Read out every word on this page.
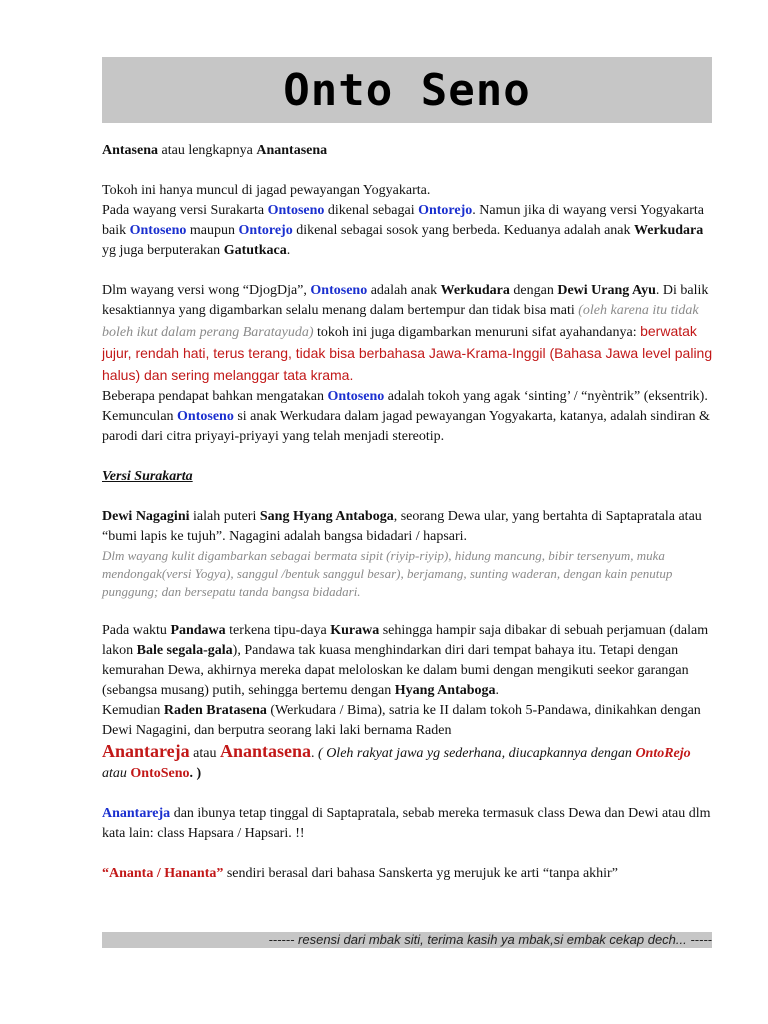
Onto Seno

Antasena atau lengkapnya Anantasena

Tokoh ini hanya muncul di jagad pewayangan Yogyakarta.
Pada wayang versi Surakarta Ontoseno dikenal sebagai Ontorejo. Namun jika di wayang versi Yogyakarta baik Ontoseno maupun Ontorejo dikenal sebagai sosok yang berbeda. Keduanya adalah anak Werkudara yg juga berputerakan Gatutkaca.

Dlm wayang versi wong “DjogDja”, Ontoseno adalah anak Werkudara dengan Dewi Urang Ayu. Di balik kesaktiannya yang digambarkan selalu menang dalam bertempur dan tidak bisa mati (oleh karena itu tidak boleh ikut dalam perang Baratayuda) tokoh ini juga digambarkan menuruni sifat ayahandanya: berwatak jujur, rendah hati, terus terang, tidak bisa berbahasa Jawa-Krama-Inggil (Bahasa Jawa level paling halus) dan sering melanggar tata krama.
Beberapa pendapat bahkan mengatakan Ontoseno adalah tokoh yang agak ‘sinting’ / “nyèntrik” (eksentrik).
Kemunculan Ontoseno si anak Werkudara dalam jagad pewayangan Yogyakarta, katanya, adalah sindiran & parodi dari citra priyayi-priyayi yang telah menjadi stereotip.

Versi Surakarta

Dewi Nagagini ialah puteri Sang Hyang Antaboga, seorang Dewa ular, yang bertahta di Saptapratala atau “bumi lapis ke tujuh”. Nagagini adalah bangsa bidadari / hapsari.

Dlm wayang kulit digambarkan sebagai bermata sipit (riyip-riyip), hidung mancung, bibir tersenyum, muka mendongak(versi Yogya), sanggul /bentuk sanggul besar), berjamang, sunting waderan, dengan kain penutup punggung; dan bersepatu tanda bangsa bidadari.

Pada waktu Pandawa terkena tipu-daya Kurawa sehingga hampir saja dibakar di sebuah perjamuan (dalam lakon Bale segala-gala), Pandawa tak kuasa menghindarkan diri dari tempat bahaya itu. Tetapi dengan kemurahan Dewa, akhirnya mereka dapat meloloskan ke dalam bumi dengan mengikuti seekor garangan (sebangsa musang) putih, sehingga bertemu dengan Hyang Antaboga.
Kemudian Raden Bratasena (Werkudara / Bima), satria ke II dalam tokoh 5-Pandawa, dinikahkan dengan Dewi Nagagini, dan berputra seorang laki laki bernama Raden
Anantareja atau Anantasena. ( Oleh rakyat jawa yg sederhana, diucapkannya dengan OntoRejo atau OntoSeno. )

Anantareja dan ibunya tetap tinggal di Saptapratala, sebab mereka termasuk class Dewa dan Dewi atau dlm kata lain: class Hapsara / Hapsari. !!

“Ananta / Hananta” sendiri berasal dari bahasa Sanskerta yg merujuk ke arti “tanpa akhir”

------ resensi dari mbak siti, terima kasih ya mbak,si embak cekap dech... -----
